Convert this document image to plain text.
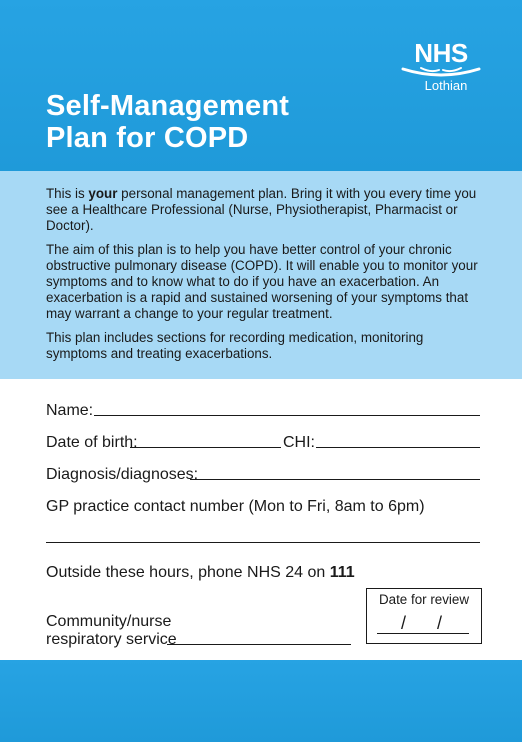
Self-Management
Plan for COPD
NHS
Lothian

This is your personal management plan. Bring it with you every time you see a Healthcare Professional (Nurse, Physiotherapist, Pharmacist or Doctor).

The aim of this plan is to help you have better control of your chronic obstructive pulmonary disease (COPD). It will enable you to monitor your symptoms and to know what to do if you have an exacerbation. An exacerbation is a rapid and sustained worsening of your symptoms that may warrant a change to your regular treatment.

This plan includes sections for recording medication, monitoring symptoms and treating exacerbations.

Name:
Date of birth:	CHI:
Diagnosis/diagnoses:
GP practice contact number (Mon to Fri, 8am to 6pm)
Outside these hours, phone NHS 24 on 111
Community/nurse
respiratory service
Date for review
/ /
